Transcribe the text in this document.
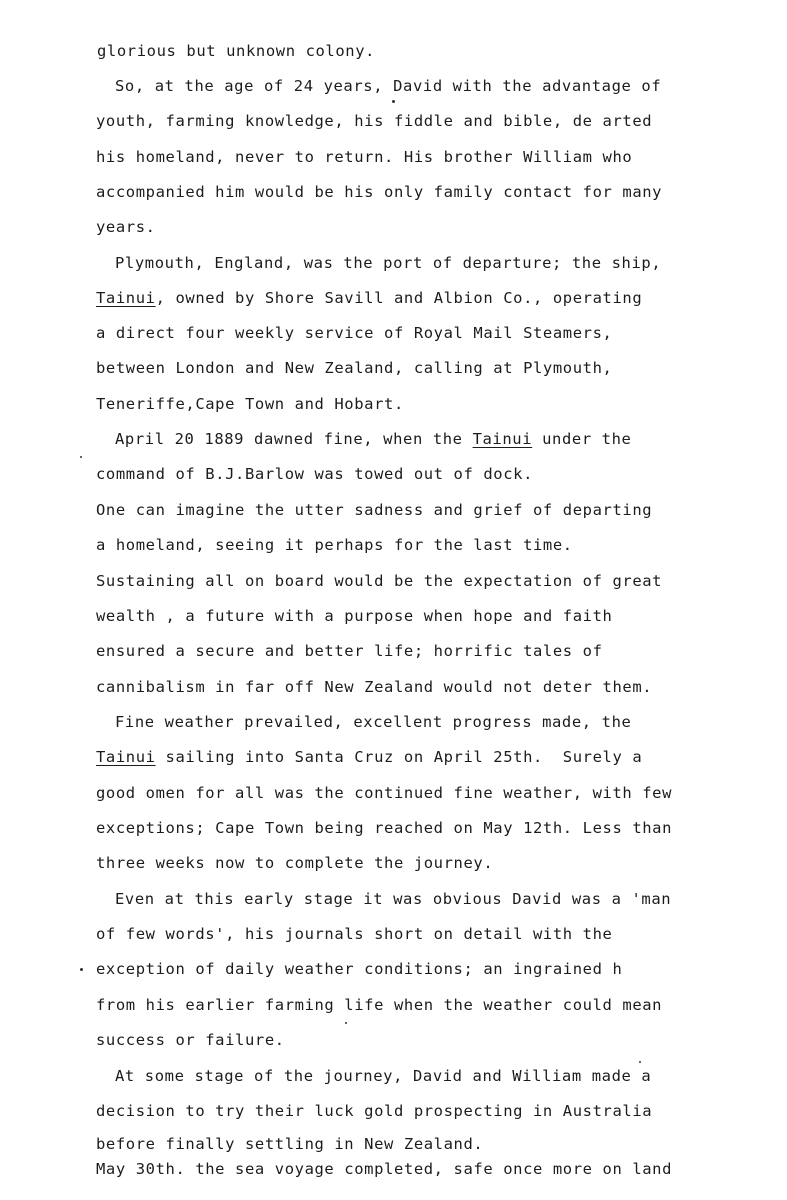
glorious but unknown colony.
So, at the age of 24 years, David with the advantage of
youth, farming knowledge, his fiddle and bible, de arted
his homeland, never to return. His brother William who
accompanied him would be his only family contact for many
years.
Plymouth, England, was the port of departure; the ship,
Tainui, owned by Shore Savill and Albion Co., operating
a direct four weekly service of Royal Mail Steamers,
between London and New Zealand, calling at Plymouth,
Teneriffe,Cape Town and Hobart.
April 20 1889 dawned fine, when the Tainui under the
command of B.J.Barlow was towed out of dock.
One can imagine the utter sadness and grief of departing
a homeland, seeing it perhaps for the last time.
Sustaining all on board would be the expectation of great
wealth , a future with a purpose when hope and faith
ensured a secure and better life; horrific tales of
cannibalism in far off New Zealand would not deter them.
Fine weather prevailed, excellent progress made, the
Tainui sailing into Santa Cruz on April 25th.  Surely a
good omen for all was the continued fine weather, with few
exceptions; Cape Town being reached on May 12th. Less than
three weeks now to complete the journey.
Even at this early stage it was obvious David was a 'man
of few words', his journals short on detail with the
exception of daily weather conditions; an ingrained h
from his earlier farming life when the weather could mean
success or failure.
At some stage of the journey, David and William made a
decision to try their luck gold prospecting in Australia
before finally settling in New Zealand.
May 30th. the sea voyage completed, safe once more on land
